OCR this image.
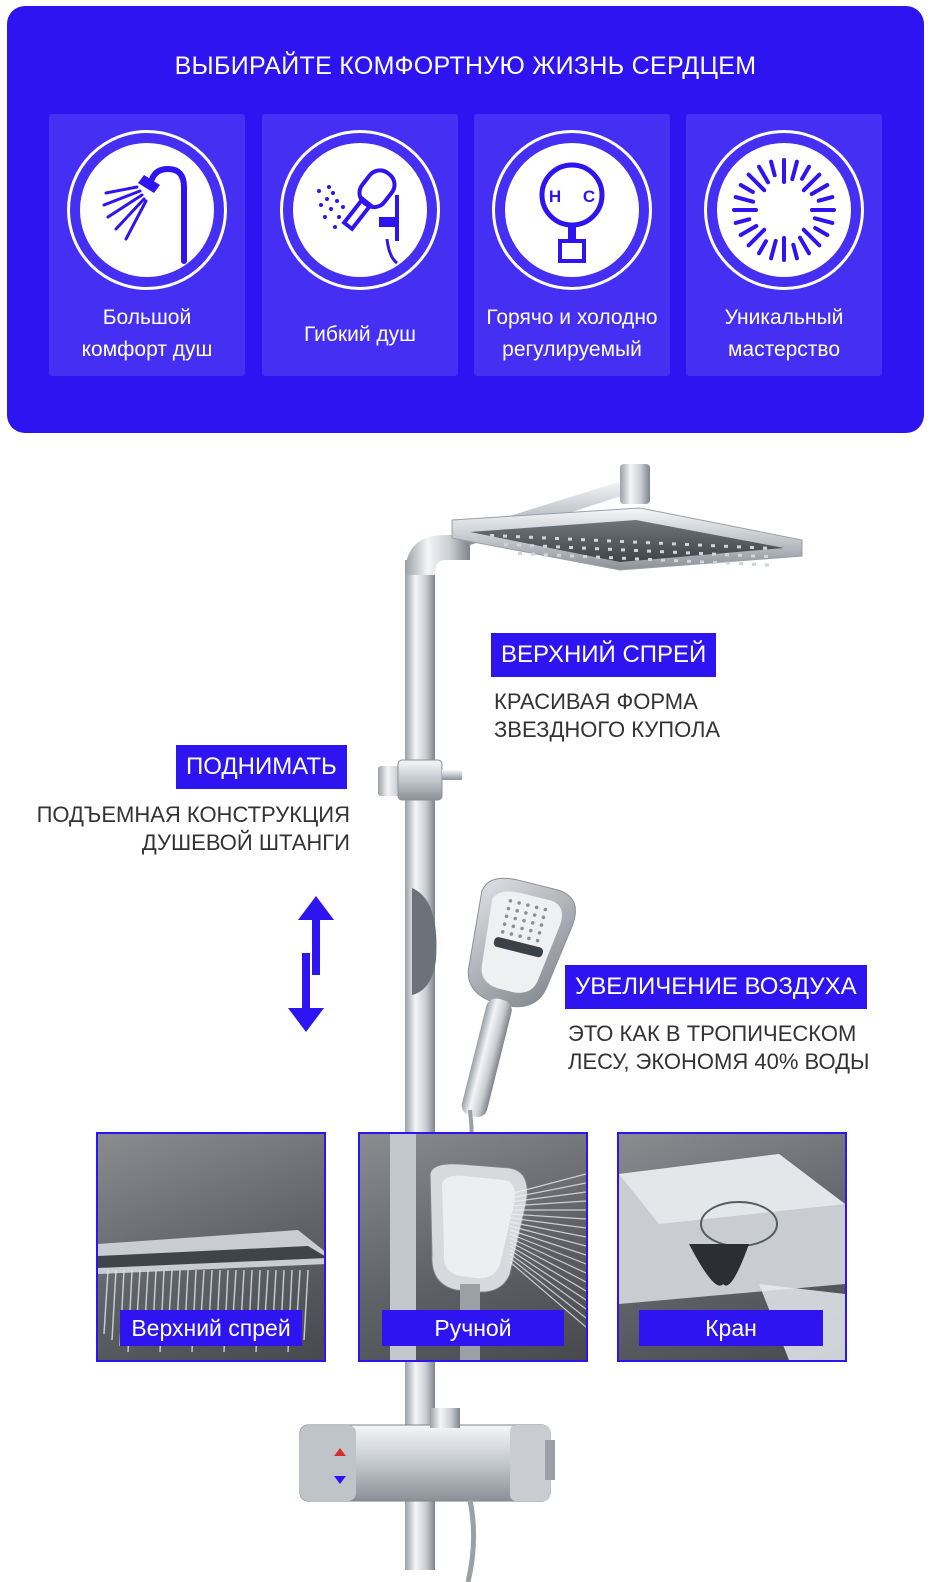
ВЫБИРАЙТЕ КОМФОРТНУЮ ЖИЗНЬ СЕРДЦЕМ
Большой
комфорт душ
Гибкий душ
H C
Горячо и холодно
регулируемый
Уникальный
мастерство
ВЕРХНИЙ СПРЕЙ
КРАСИВАЯ ФОРМА
ЗВЕЗДНОГО КУПОЛА
ПОДНИМАТЬ
ПОДЪЕМНАЯ КОНСТРУКЦИЯ
ДУШЕВОЙ ШТАНГИ
УВЕЛИЧЕНИЕ ВОЗДУХА
ЭТО КАК В ТРОПИЧЕСКОМ
ЛЕСУ, ЭКОНОМЯ 40% ВОДЫ
Верхний спрей	Ручной	Кран
